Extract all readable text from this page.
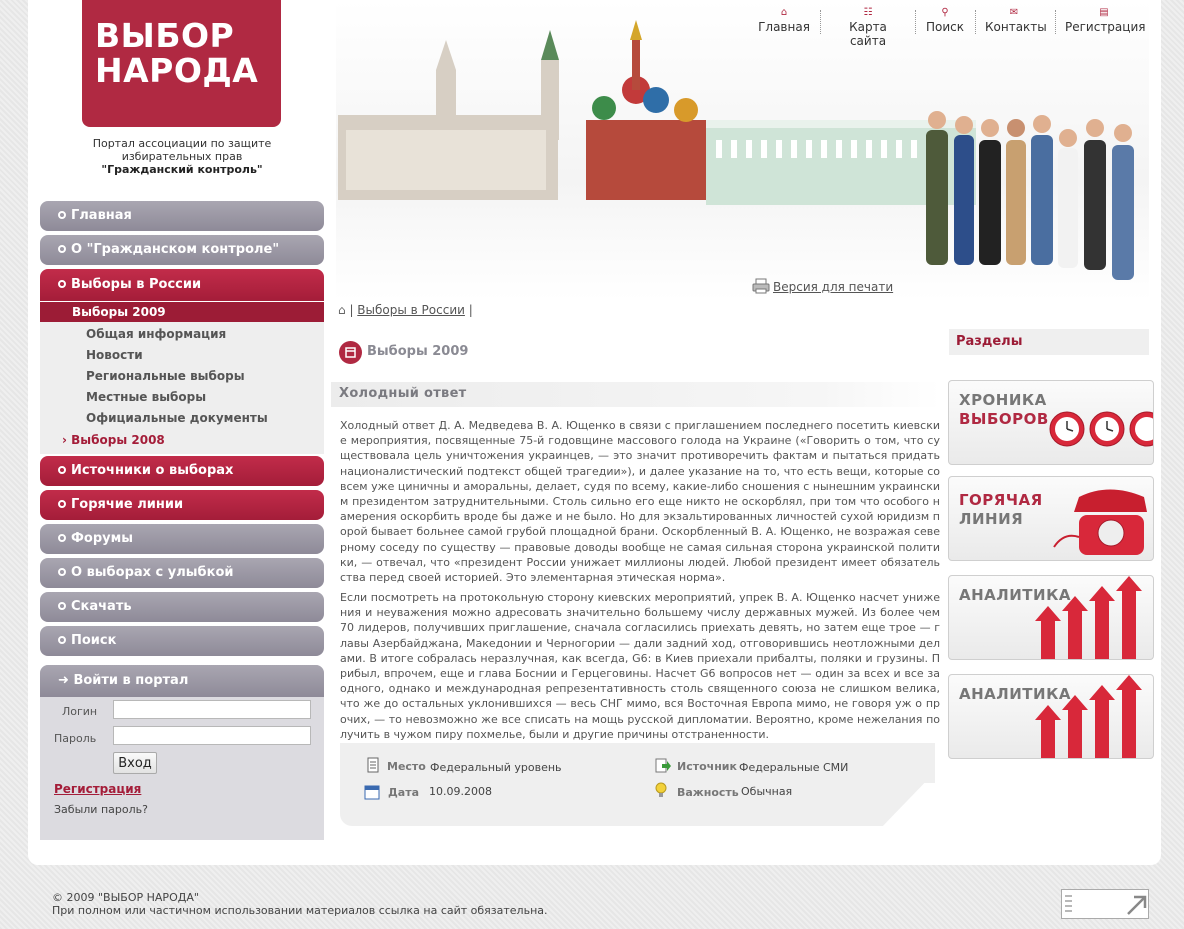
ВЫБОР
НАРОДА
Портал ассоциации по защите
избирательных прав
"Гражданский контроль"
Главная
О "Гражданском контроле"
Выборы в России
Выборы 2009
Общая информация
Новости
Региональные выборы
Местные выборы
Официальные документы
› Выборы 2008
Источники о выборах
Горячие линии
Форумы
О выборах с улыбкой
Скачать
Поиск
➜ Войти в портал
Логин
Пароль
Вход
Регистрация
Забыли пароль?
⌂
Главная
☷
Карта сайта
⚲
Поиск
✉
Контакты
▤
Регистрация
Версия для печати
⌂ | Выборы в России |
Выборы 2009
Холодный ответ
Холодный ответ Д. А. Медведева В. А. Ющенко в связи с приглашением последнего посетить киевские мероприятия, посвященные 75-й годовщине массового голода на Украине («Говорить о том, что существовала цель уничтожения украинцев, — это значит противоречить фактам и пытаться придать националистический подтекст общей трагедии»), и далее указание на то, что есть вещи, которые совсем уже циничны и аморальны, делает, судя по всему, какие-либо сношения с нынешним украинским президентом затруднительными. Столь сильно его еще никто не оскорблял, при том что особого намерения оскорбить вроде бы даже и не было. Но для экзальтированных личностей сухой юридизм порой бывает больнее самой грубой площадной брани. Оскорбленный В. А. Ющенко, не возражая северному соседу по существу — правовые доводы вообще не самая сильная сторона украинской политики, — отвечал, что «президент России унижает миллионы людей. Любой президент имеет обязательства перед своей историей. Это элементарная этическая норма».
Если посмотреть на протокольную сторону киевских мероприятий, упрек В. А. Ющенко насчет унижения и неуважения можно адресовать значительно большему числу державных мужей. Из более чем 70 лидеров, получивших приглашение, сначала согласились приехать девять, но затем еще трое — главы Азербайджана, Македонии и Черногории — дали задний ход, отговорившись неотложными делами. В итоге собралась неразлучная, как всегда, G6: в Киев приехали прибалты, поляки и грузины. Прибыл, впрочем, еще и глава Боснии и Герцеговины. Насчет G6 вопросов нет — один за всех и все за одного, однако и международная репрезентативность столь священного союза не слишком велика, что же до остальных уклонившихся — весь СНГ мимо, вся Восточная Европа мимо, не говоря уж о прочих, — то невозможно же все списать на мощь русской дипломатии. Вероятно, кроме нежелания получить в чужом пиру похмелье, были и другие причины отстраненности.
Место Федеральный уровень
Дата 10.09.2008
Источник Федеральные СМИ
Важность Обычная
Разделы
ХРОНИКА
ВЫБОРОВ
ГОРЯЧАЯ
ЛИНИЯ
АНАЛИТИКА
АНАЛИТИКА
© 2009 "ВЫБОР НАРОДА"
При полном или частичном использовании материалов ссылка на сайт обязательна.
